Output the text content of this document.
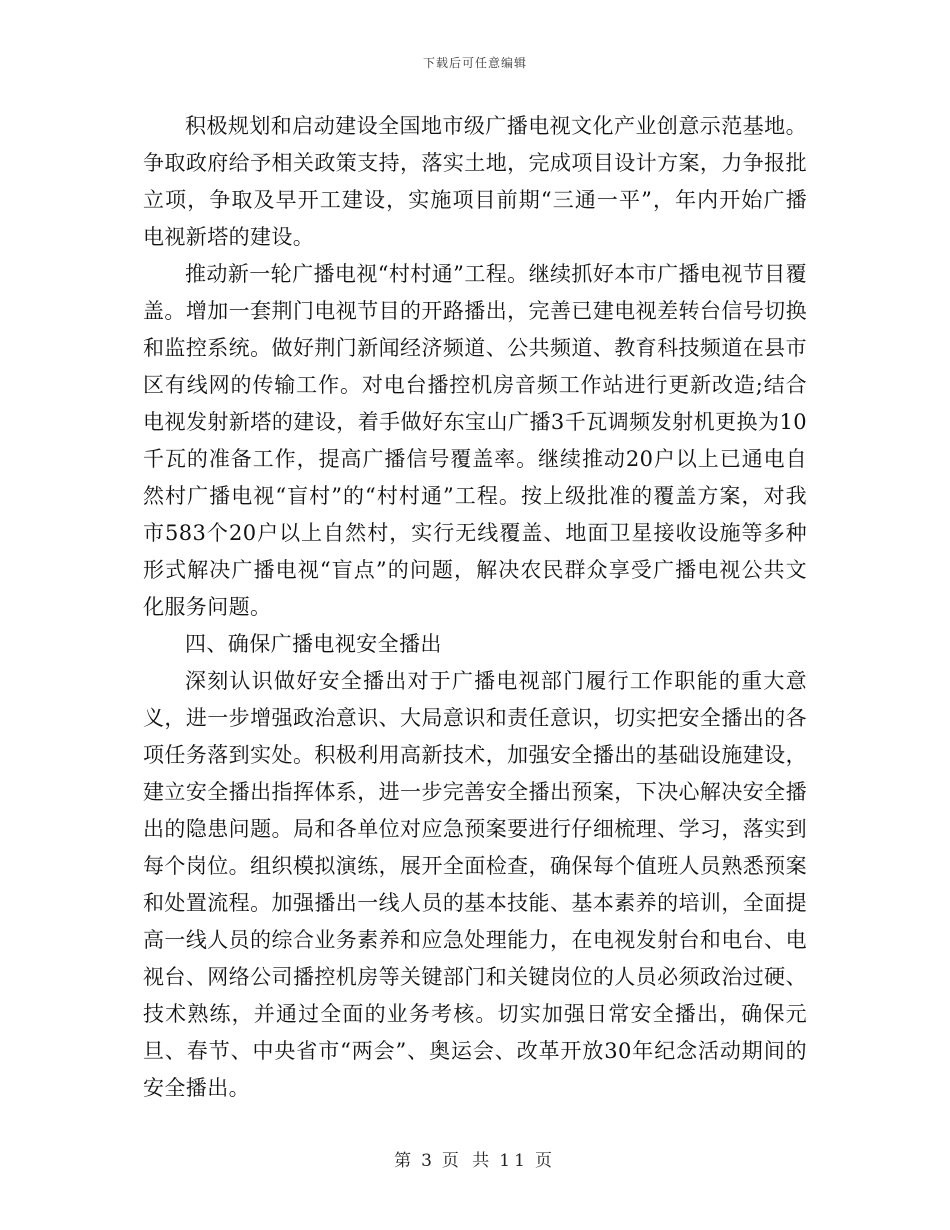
下载后可任意编辑

积极规划和启动建设全国地市级广播电视文化产业创意示范基地。争取政府给予相关政策支持，落实土地，完成项目设计方案，力争报批立项，争取及早开工建设，实施项目前期“三通一平”，年内开始广播电视新塔的建设。

推动新一轮广播电视“村村通”工程。继续抓好本市广播电视节目覆盖。增加一套荆门电视节目的开路播出，完善已建电视差转台信号切换和监控系统。做好荆门新闻经济频道、公共频道、教育科技频道在县市区有线网的传输工作。对电台播控机房音频工作站进行更新改造;结合电视发射新塔的建设，着手做好东宝山广播3千瓦调频发射机更换为10千瓦的准备工作，提高广播信号覆盖率。继续推动20户以上已通电自然村广播电视“盲村”的“村村通”工程。按上级批准的覆盖方案，对我市583个20户以上自然村，实行无线覆盖、地面卫星接收设施等多种形式解决广播电视“盲点”的问题，解决农民群众享受广播电视公共文化服务问题。

四、确保广播电视安全播出

深刻认识做好安全播出对于广播电视部门履行工作职能的重大意义，进一步增强政治意识、大局意识和责任意识，切实把安全播出的各项任务落到实处。积极利用高新技术，加强安全播出的基础设施建设，建立安全播出指挥体系，进一步完善安全播出预案，下决心解决安全播出的隐患问题。局和各单位对应急预案要进行仔细梳理、学习，落实到每个岗位。组织模拟演练，展开全面检查，确保每个值班人员熟悉预案和处置流程。加强播出一线人员的基本技能、基本素养的培训，全面提高一线人员的综合业务素养和应急处理能力，在电视发射台和电台、电视台、网络公司播控机房等关键部门和关键岗位的人员必须政治过硬、技术熟练，并通过全面的业务考核。切实加强日常安全播出，确保元旦、春节、中央省市“两会”、奥运会、改革开放30年纪念活动期间的安全播出。

第 3 页 共 11 页
